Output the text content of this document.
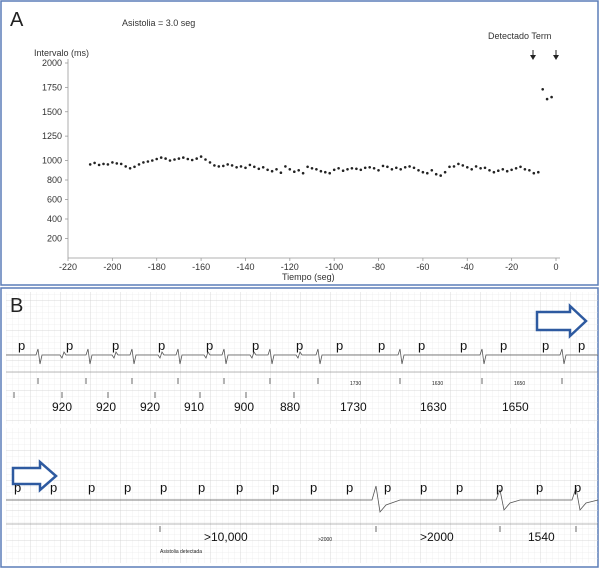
A	Asistolia = 3.0 seg
Detectado Term
Intervalo (ms)
Tiempo (seg)
200
400
600
800
1000
1250
1500
1750
2000
-220	-200	-180	-160	-140	-120	-100	-80	-60	-40	-20	0
B
1730	1630	1650
>2000
Asistolia detectada
p	p	p	p	p	p	p	p	p	p	p	p	p p
p p p p p p p p p p p p p	p	p p
920 920 920 910 900 880	1730	1630	1650
>10,000	>2000	1540
